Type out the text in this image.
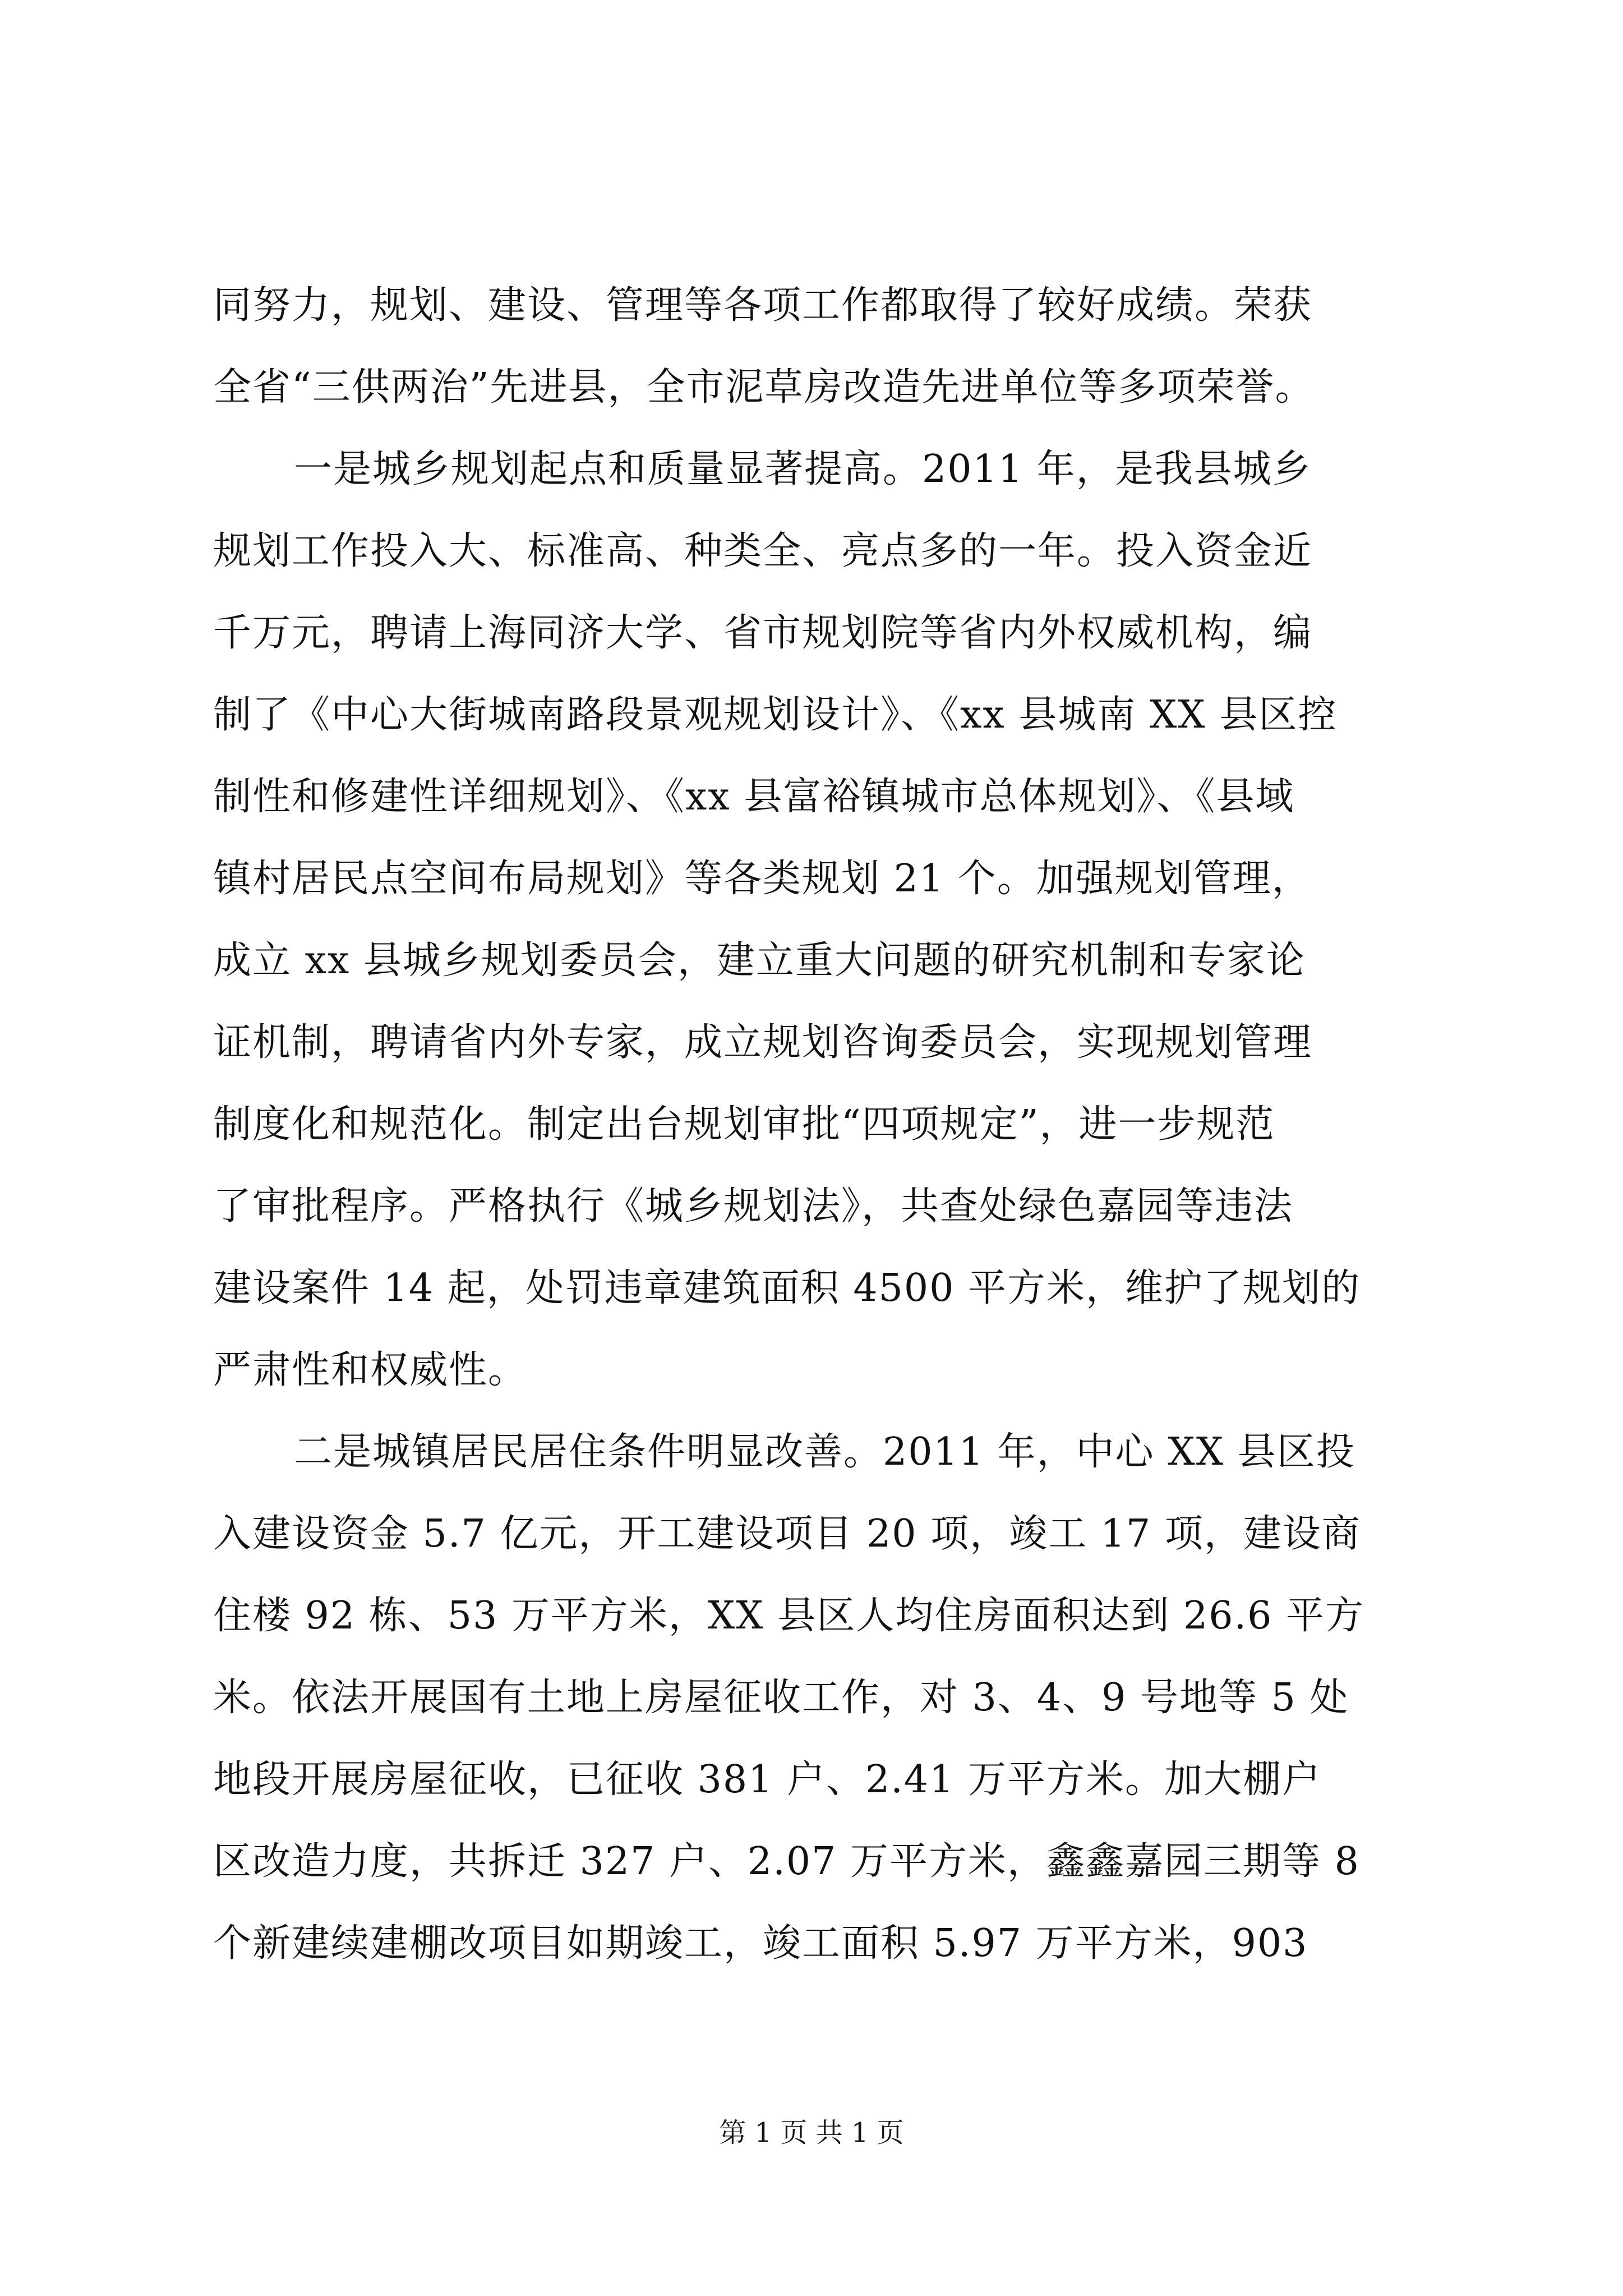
同努力，规划、建设、管理等各项工作都取得了较好成绩。荣获
全省“三供两治”先进县，全市泥草房改造先进单位等多项荣誉。
一是城乡规划起点和质量显著提高。2011 年，是我县城乡
规划工作投入大、标准高、种类全、亮点多的一年。投入资金近
千万元，聘请上海同济大学、省市规划院等省内外权威机构，编
制了《中心大街城南路段景观规划设计》、《xx 县城南 XX 县区控
制性和修建性详细规划》、《xx 县富裕镇城市总体规划》、《县域
镇村居民点空间布局规划》等各类规划 21 个。加强规划管理，
成立 xx 县城乡规划委员会，建立重大问题的研究机制和专家论
证机制，聘请省内外专家，成立规划咨询委员会，实现规划管理
制度化和规范化。制定出台规划审批“四项规定”，进一步规范
了审批程序。严格执行《城乡规划法》，共查处绿色嘉园等违法
建设案件 14 起，处罚违章建筑面积 4500 平方米，维护了规划的
严肃性和权威性。
二是城镇居民居住条件明显改善。2011 年，中心 XX 县区投
入建设资金 5.7 亿元，开工建设项目 20 项，竣工 17 项，建设商
住楼 92 栋、53 万平方米，XX 县区人均住房面积达到 26.6 平方
米。依法开展国有土地上房屋征收工作，对 3、4、9 号地等 5 处
地段开展房屋征收，已征收 381 户、2.41 万平方米。加大棚户
区改造力度，共拆迁 327 户、2.07 万平方米，鑫鑫嘉园三期等 8
个新建续建棚改项目如期竣工，竣工面积 5.97 万平方米，903
第 1 页 共 1 页
